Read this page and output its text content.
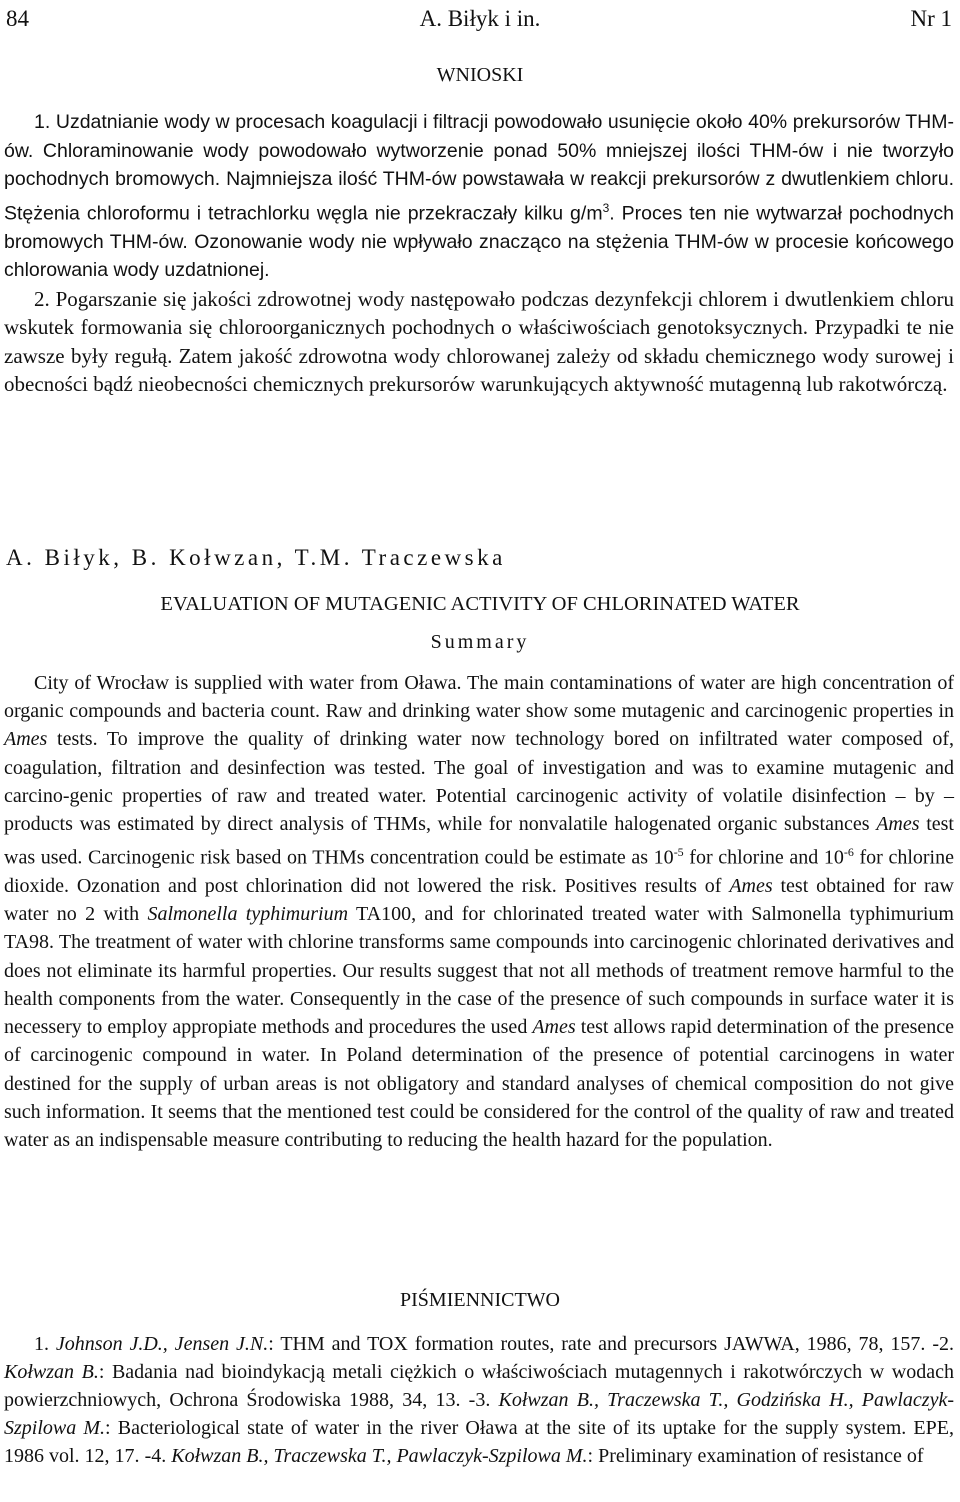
84	A. Biłyk i in.	Nr 1
WNIOSKI

1. Uzdatnianie wody w procesach koagulacji i filtracji powodowało usunięcie około 40% prekursorów THM-ów. Chloraminowanie wody powodowało wytworzenie ponad 50% mniejszej ilości THM-ów i nie tworzyło pochodnych bromowych. Najmniejsza ilość THM-ów powstawała w reakcji prekursorów z dwutlenkiem chloru. Stężenia chloroformu i tetrachlorku węgla nie przekraczały kilku $g/m^3$. Proces ten nie wytwarzał pochodnych bromowych THM-ów. Ozonowanie wody nie wpływało znacząco na stężenia THM-ów w procesie końcowego chlorowania wody uzdatnionej.

2. Pogarszanie się jakości zdrowotnej wody następowało podczas dezynfekcji chlorem i dwutlenkiem chloru wskutek formowania się chloroorganicznych pochodnych o właściwościach genotoksycznych. Przypadki te nie zawsze były regułą. Zatem jakość zdrowotna wody chlorowanej zależy od składu chemicznego wody surowej i obecności bądź nieobecności chemicznych prekursorów warunkujących aktywność mutagenną lub rakotwórczą.

A. Biłyk, B. Kołwzan, T.M. Traczewska
EVALUATION OF MUTAGENIC ACTIVITY OF CHLORINATED WATER
Summary

City of Wrocław is supplied with water from Oława. The main contaminations of water are high concentration of organic compounds and bacteria count. Raw and drinking water show some mutagenic and carcinogenic properties in Ames tests. To improve the quality of drinking water now technology bored on infiltrated water composed of, coagulation, filtration and desinfection was tested. The goal of investigation and was to examine mutagenic and carcino-genic properties of raw and treated water. Potential carcinogenic activity of volatile disinfection – by – products was estimated by direct analysis of THMs, while for nonvalatile halogenated organic substances Ames test was used. Carcinogenic risk based on THMs concentration could be estimate as $10^{-5}$ for chlorine and $10^{-6}$ for chlorine dioxide. Ozonation and post chlorination did not lowered the risk. Positives results of Ames test obtained for raw water no 2 with Salmonella typhimurium TA100, and for chlorinated treated water with Salmonella typhimurium TA98. The treatment of water with chlorine transforms same compounds into carcinogenic chlorinated derivatives and does not eliminate its harmful properties. Our results suggest that not all methods of treatment remove harmful to the health components from the water. Consequently in the case of the presence of such compounds in surface water it is necessery to employ appropiate methods and procedures the used Ames test allows rapid determination of the presence of carcinogenic compound in water. In Poland determination of the presence of potential carcinogens in water destined for the supply of urban areas is not obligatory and standard analyses of chemical composition do not give such information. It seems that the mentioned test could be considered for the control of the quality of raw and treated water as an indispensable measure contributing to reducing the health hazard for the population.

PIŚMIENNICTWO

1. Johnson J.D., Jensen J.N.: THM and TOX formation routes, rate and precursors JAWWA, 1986, 78, 157. -2. Kołwzan B.: Badania nad bioindykacją metali ciężkich o właściwościach mutagennych i rakotwórczych w wodach powierzchniowych, Ochrona Środowiska 1988, 34, 13. -3. Kołwzan B., Traczewska T., Godzińska H., Pawlaczyk- Szpilowa M.: Bacteriological state of water in the river Oława at the site of its uptake for the supply system. EPE, 1986 vol. 12, 17. -4. Kołwzan B., Traczewska T., Pawlaczyk-Szpilowa M.: Preliminary examination of resistance of
